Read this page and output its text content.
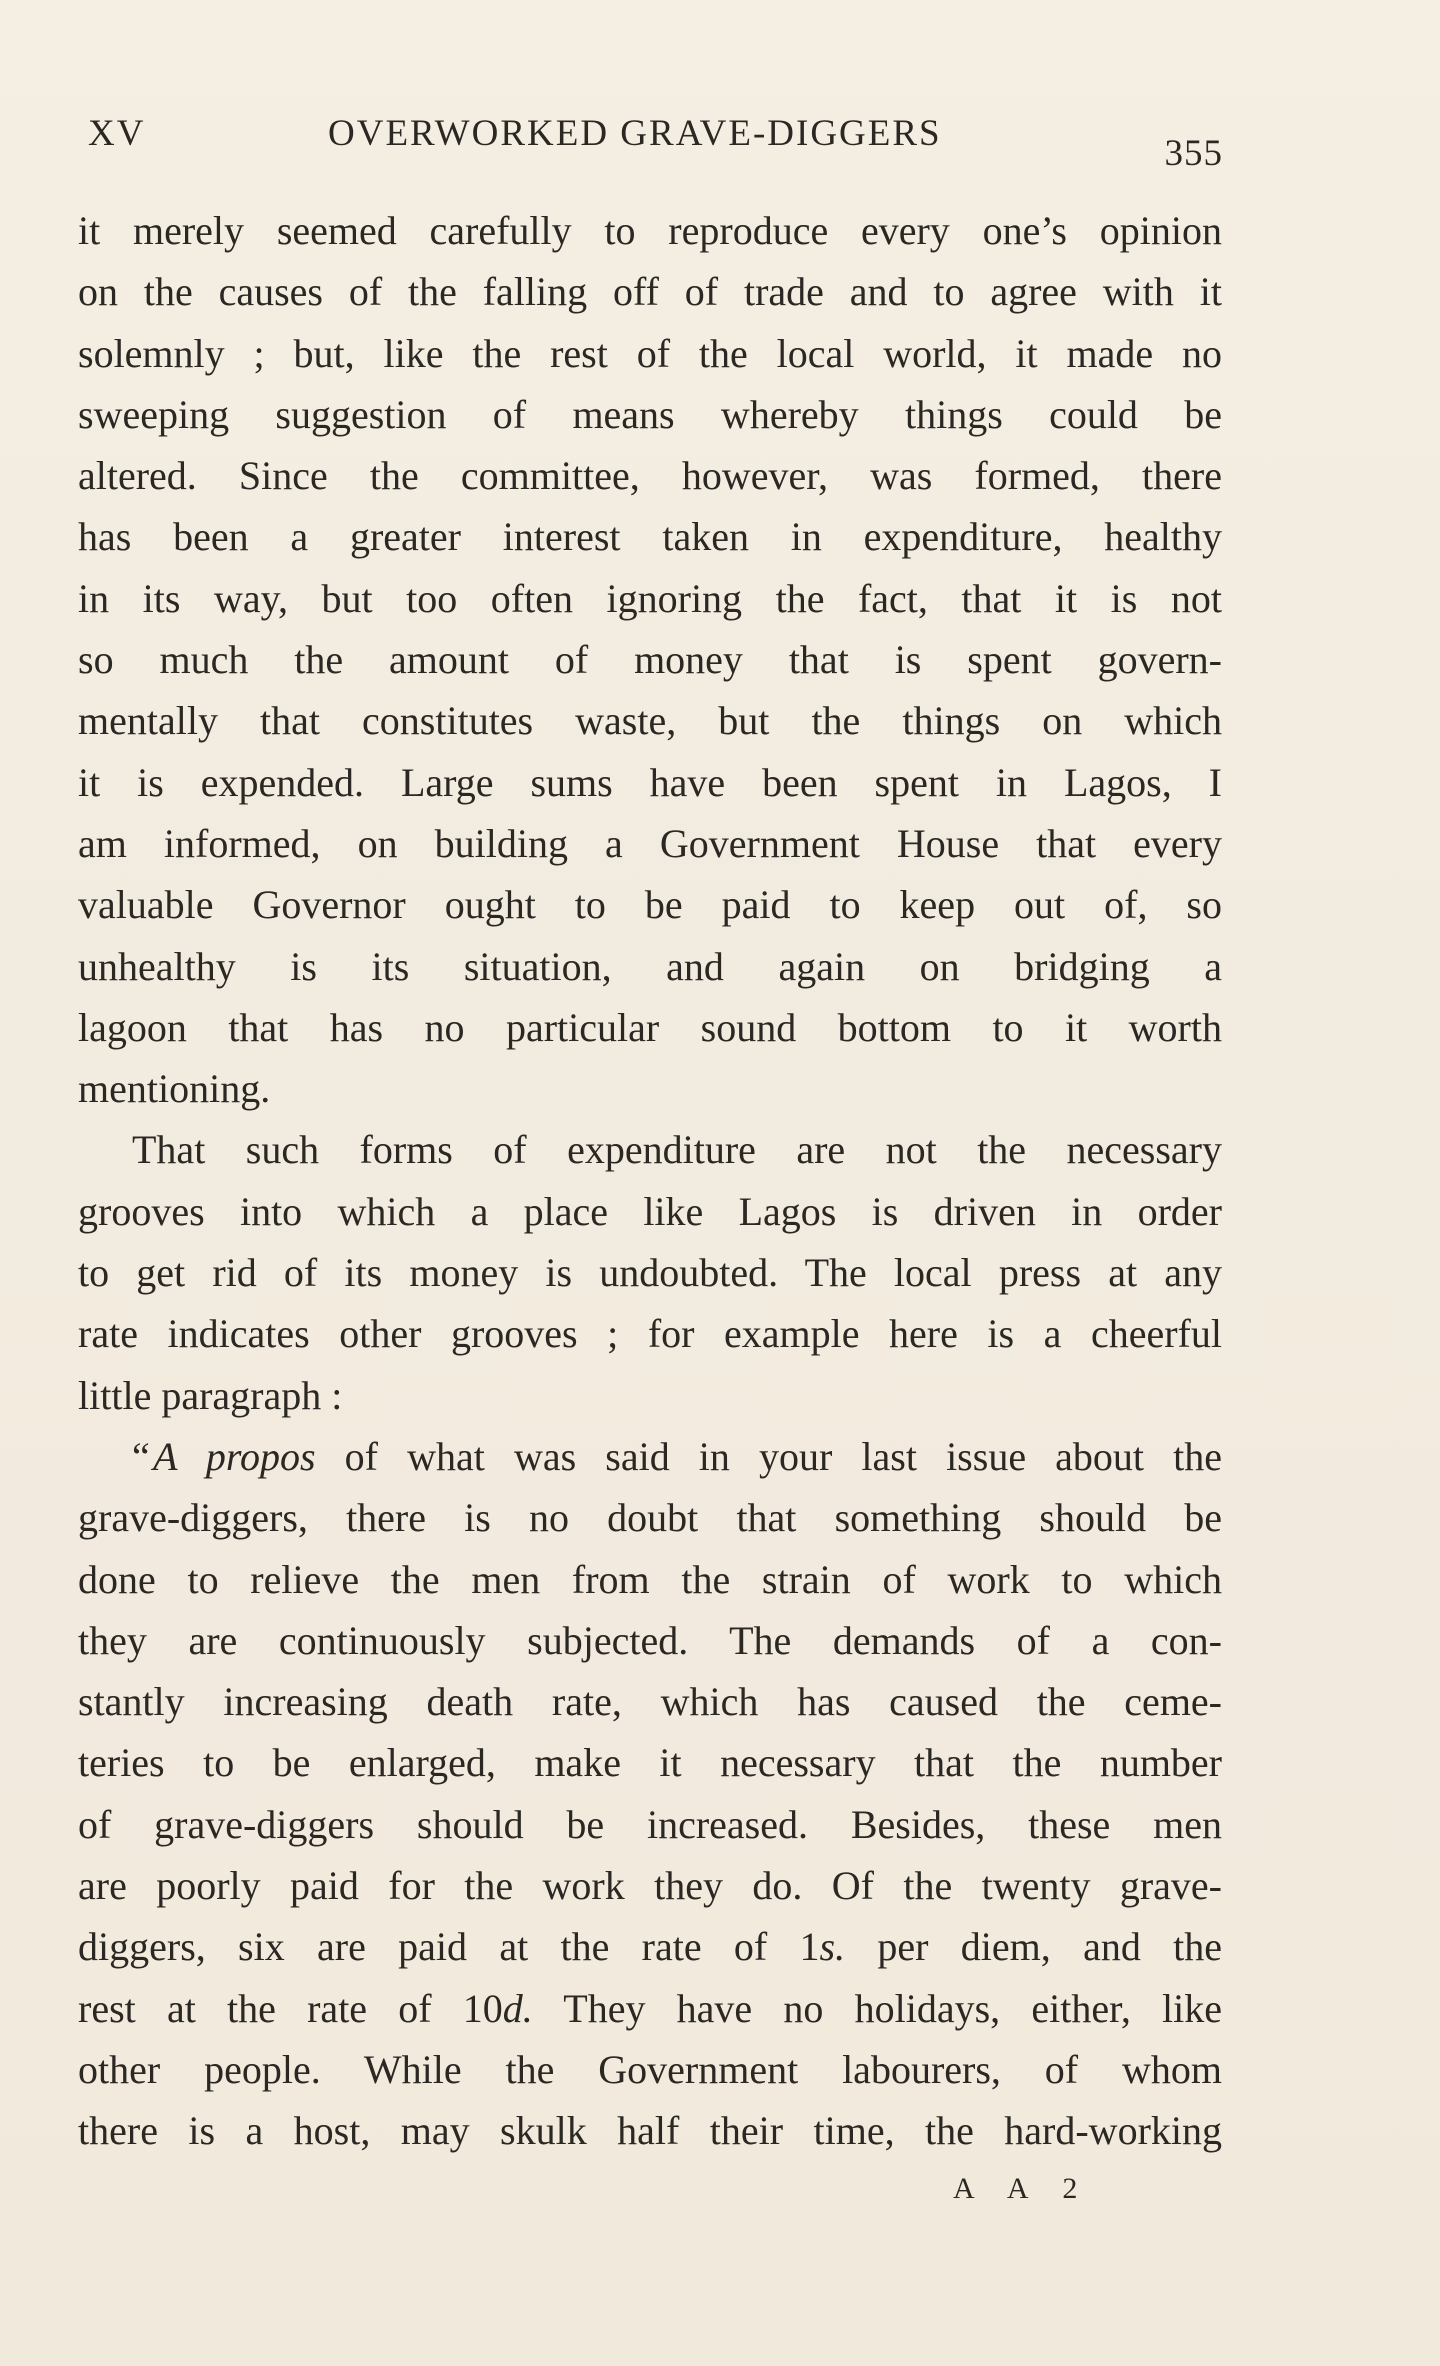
XV	OVERWORKED GRAVE-DIGGERS	355
it merely seemed carefully to reproduce every one’s opinion
on the causes of the falling off of trade and to agree with it
solemnly ; but, like the rest of the local world, it made no
sweeping suggestion of means whereby things could be
altered. Since the committee, however, was formed, there
has been a greater interest taken in expenditure, healthy
in its way, but too often ignoring the fact, that it is not
so much the amount of money that is spent govern-
mentally that constitutes waste, but the things on which
it is expended. Large sums have been spent in Lagos, I
am informed, on building a Government House that every
valuable Governor ought to be paid to keep out of, so
unhealthy is its situation, and again on bridging a
lagoon that has no particular sound bottom to it worth
mentioning.
That such forms of expenditure are not the necessary
grooves into which a place like Lagos is driven in order
to get rid of its money is undoubted. The local press at any
rate indicates other grooves ; for example here is a cheerful
little paragraph :
“ A propos of what was said in your last issue about the
grave-diggers, there is no doubt that something should be
done to relieve the men from the strain of work to which
they are continuously subjected. The demands of a con-
stantly increasing death rate, which has caused the ceme-
teries to be enlarged, make it necessary that the number
of grave-diggers should be increased. Besides, these men
are poorly paid for the work they do. Of the twenty grave-
diggers, six are paid at the rate of 1s. per diem, and the
rest at the rate of 10d. They have no holidays, either, like
other people. While the Government labourers, of whom
there is a host, may skulk half their time, the hard-working
A A 2
